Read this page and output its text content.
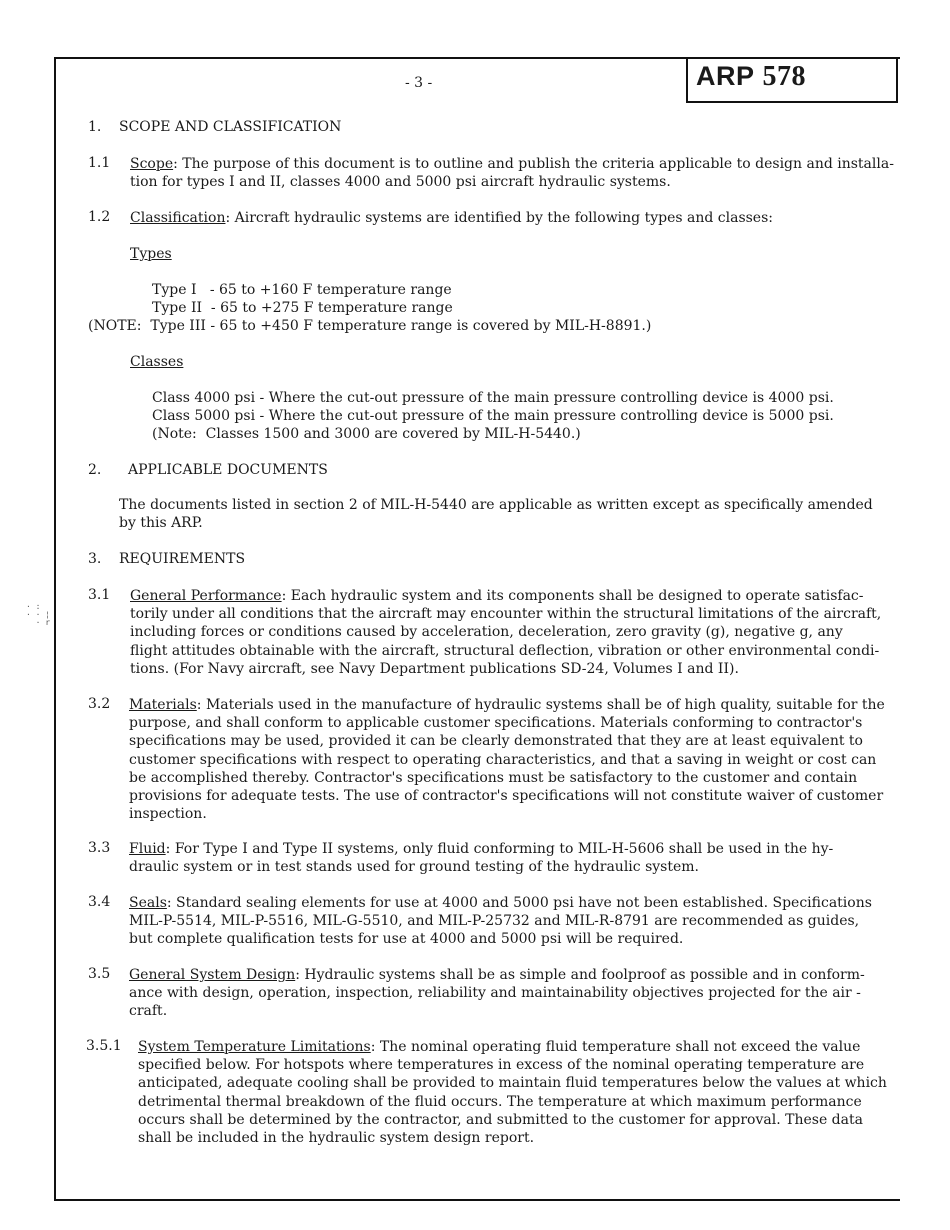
- 3 -	ARP 578
· :
· · ¦
· r
1. SCOPE AND CLASSIFICATION
1.1 Scope: The purpose of this document is to outline and publish the criteria applicable to design and installa-
tion for types I and II, classes 4000 and 5000 psi aircraft hydraulic systems.
1.2 Classification: Aircraft hydraulic systems are identified by the following types and classes:
Types
Type I   - 65 to +160 F temperature range
Type II  - 65 to +275 F temperature range
(NOTE:  Type III - 65 to +450 F temperature range is covered by MIL-H-8891.)
Classes
Class 4000 psi - Where the cut-out pressure of the main pressure controlling device is 4000 psi.
Class 5000 psi - Where the cut-out pressure of the main pressure controlling device is 5000 psi.
(Note:  Classes 1500 and 3000 are covered by MIL-H-5440.)
2. APPLICABLE DOCUMENTS
The documents listed in section 2 of MIL-H-5440 are applicable as written except as specifically amended
by this ARP.
3. REQUIREMENTS
3.1 General Performance: Each hydraulic system and its components shall be designed to operate satisfac-
torily under all conditions that the aircraft may encounter within the structural limitations of the aircraft,
including forces or conditions caused by acceleration, deceleration, zero gravity (g), negative g, any
flight attitudes obtainable with the aircraft, structural deflection, vibration or other environmental condi-
tions. (For Navy aircraft, see Navy Department publications SD-24, Volumes I and II).
3.2 Materials: Materials used in the manufacture of hydraulic systems shall be of high quality, suitable for the
purpose, and shall conform to applicable customer specifications. Materials conforming to contractor's
specifications may be used, provided it can be clearly demonstrated that they are at least equivalent to
customer specifications with respect to operating characteristics, and that a saving in weight or cost can
be accomplished thereby. Contractor's specifications must be satisfactory to the customer and contain
provisions for adequate tests. The use of contractor's specifications will not constitute waiver of customer
inspection.
3.3 Fluid: For Type I and Type II systems, only fluid conforming to MIL-H-5606 shall be used in the hy-
draulic system or in test stands used for ground testing of the hydraulic system.
3.4 Seals: Standard sealing elements for use at 4000 and 5000 psi have not been established. Specifications
MIL-P-5514, MIL-P-5516, MIL-G-5510, and MIL-P-25732 and MIL-R-8791 are recommended as guides,
but complete qualification tests for use at 4000 and 5000 psi will be required.
3.5 General System Design: Hydraulic systems shall be as simple and foolproof as possible and in conform-
ance with design, operation, inspection, reliability and maintainability objectives projected for the air -
craft.
3.5.1 System Temperature Limitations: The nominal operating fluid temperature shall not exceed the value
specified below. For hotspots where temperatures in excess of the nominal operating temperature are
anticipated, adequate cooling shall be provided to maintain fluid temperatures below the values at which
detrimental thermal breakdown of the fluid occurs. The temperature at which maximum performance
occurs shall be determined by the contractor, and submitted to the customer for approval. These data
shall be included in the hydraulic system design report.
